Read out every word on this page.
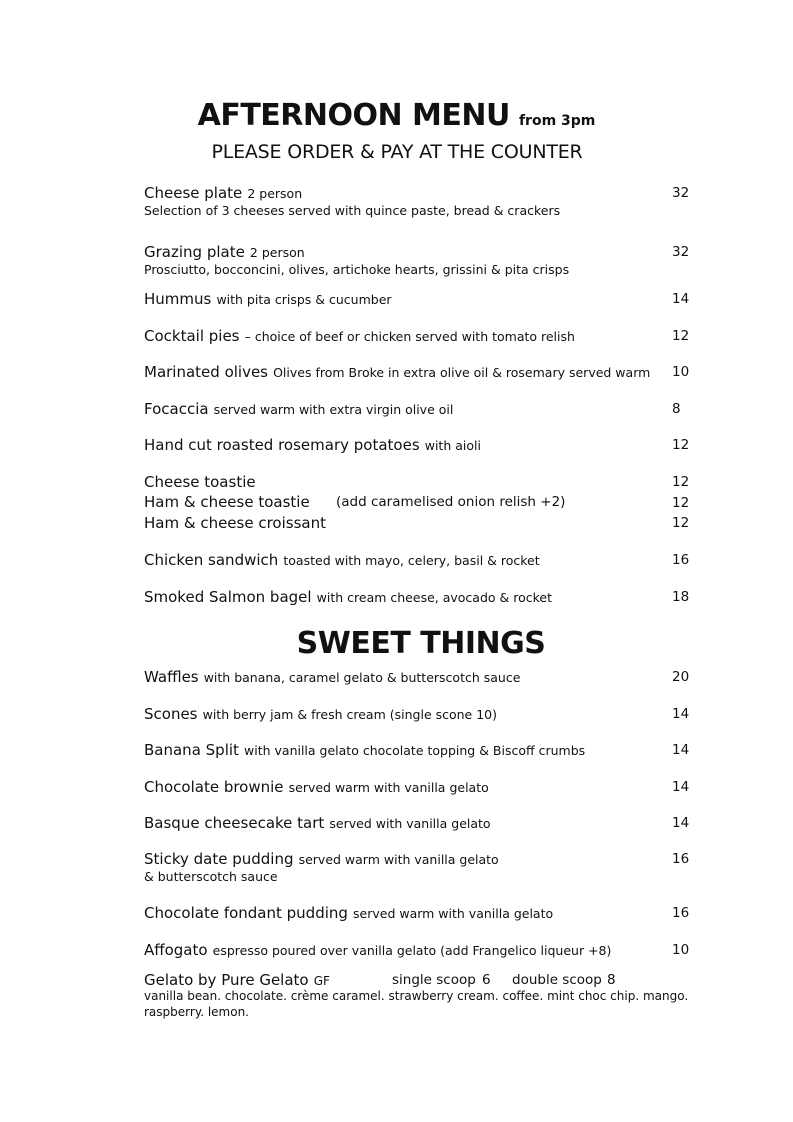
AFTERNOON MENU from 3pm
PLEASE ORDER & PAY AT THE COUNTER
Cheese plate 2 person	32
Selection of 3 cheeses served with quince paste, bread & crackers
Grazing plate 2 person	32
Prosciutto, bocconcini, olives, artichoke hearts, grissini & pita crisps
Hummus with pita crisps & cucumber	14
Cocktail pies – choice of beef or chicken served with tomato relish	12
Marinated olives Olives from Broke in extra olive oil & rosemary served warm	10
Focaccia served warm with extra virgin olive oil	8
Hand cut roasted rosemary potatoes with aioli	12
Cheese toastie	12
Ham & cheese toastie	(add caramelised onion relish +2)	12
Ham & cheese croissant	12
Chicken sandwich toasted with mayo, celery, basil & rocket	16
Smoked Salmon bagel with cream cheese, avocado & rocket	18
SWEET THINGS
Waffles with banana, caramel gelato & butterscotch sauce	20
Scones with berry jam & fresh cream (single scone 10)	14
Banana Split with vanilla gelato chocolate topping & Biscoff crumbs	14
Chocolate brownie served warm with vanilla gelato	14
Basque cheesecake tart served with vanilla gelato	14
Sticky date pudding served warm with vanilla gelato	16
& butterscotch sauce
Chocolate fondant pudding served warm with vanilla gelato	16
Affogato espresso poured over vanilla gelato (add Frangelico liqueur +8)	10
Gelato by Pure Gelato GF	single scoop 6 double scoop 8
vanilla bean. chocolate. crème caramel. strawberry cream. coffee. mint choc chip. mango.
raspberry. lemon.
